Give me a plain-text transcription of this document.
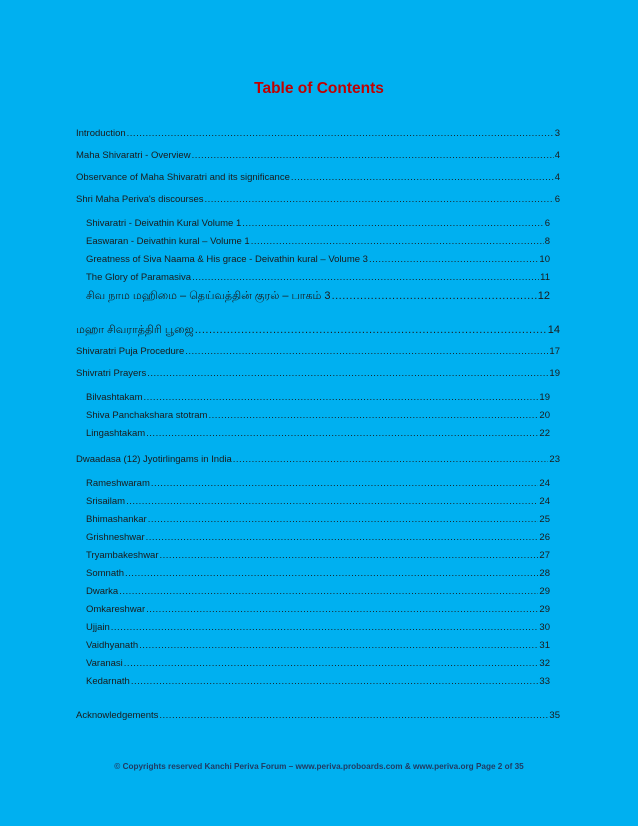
Table of Contents
Introduction .....	3
Maha Shivaratri - Overview .....	4
Observance of Maha Shivaratri and its significance .....	4
Shri Maha Periva's discourses .....	6
Shivaratri - Deivathin Kural Volume 1 .....	6
Easwaran - Deivathin kural – Volume 1 .....	8
Greatness of Siva Naama & His grace - Deivathin kural – Volume 3 .....	10
The Glory of Paramasiva .....	11
சிவ நாம மஹிமை – தெய்வத்தின் குரல் – பாகம் 3 .....	12
மஹா சிவராத்திரி பூஜை .....	14
Shivaratri Puja Procedure .....	17
Shivratri Prayers .....	19
Bilvashtakam .....	19
Shiva Panchakshara stotram .....	20
Lingashtakam .....	22
Dwaadasa (12) Jyotirlingams in India .....	23
Rameshwaram .....	24
Srisailam .....	24
Bhimashankar .....	25
Grishneshwar .....	26
Tryambakeshwar .....	27
Somnath .....	28
Dwarka .....	29
Omkareshwar .....	29
Ujjain .....	30
Vaidhyanath .....	31
Varanasi .....	32
Kedarnath .....	33
Acknowledgements .....	35
© Copyrights reserved Kanchi Periva Forum – www.periva.proboards.com & www.periva.org Page 2 of 35
